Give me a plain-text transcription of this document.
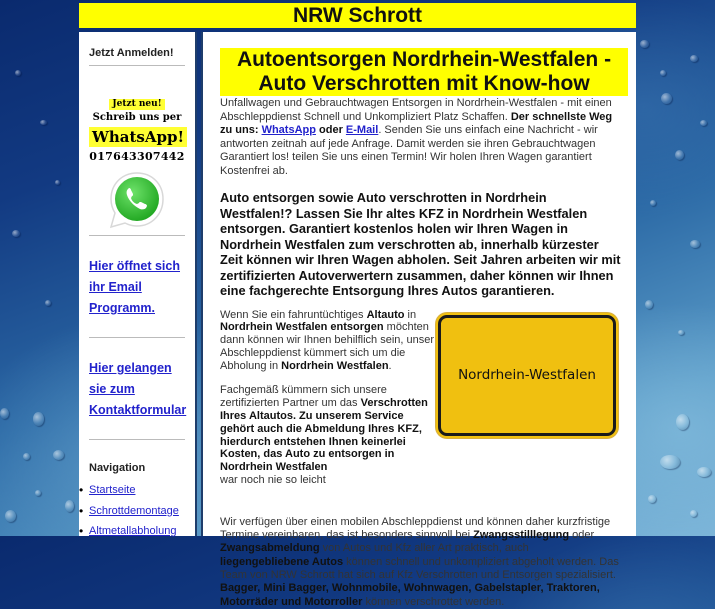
NRW Schrott
Jetzt Anmelden!
Jetzt neu!
Schreib uns per
WhatsApp!
017643307442
Hier öffnet sich ihr Email Programm.
Hier gelangen sie zum Kontaktformular
Navigation
• Startseite
• Schrottdemontage
• Altmetallabholung
Autoentsorgen Nordrhein-Westfalen - Auto Verschrotten mit Know-how

Unfallwagen und Gebrauchtwagen Entsorgen in Nordrhein-Westfalen - mit einen Abschleppdienst Schnell und Unkompliziert Platz Schaffen. Der schnellste Weg zu uns: WhatsApp oder E-Mail. Senden Sie uns einfach eine Nachricht - wir antworten zeitnah auf jede Anfrage. Damit werden sie ihren Gebrauchtwagen Garantiert los! teilen Sie uns einen Termin! Wir holen Ihren Wagen garantiert Kostenfrei ab.

Auto entsorgen sowie Auto verschrotten in Nordrhein Westfalen!? Lassen Sie Ihr altes KFZ in Nordrhein Westfalen entsorgen. Garantiert kostenlos holen wir Ihren Wagen in Nordrhein Westfalen zum verschrotten ab, innerhalb kürzester Zeit können wir Ihren Wagen abholen. Seit Jahren arbeiten wir mit zertifizierten Autoverwertern zusammen, daher können wir Ihnen eine fachgerechte Entsorgung Ihres Autos garantieren.

Wenn Sie ein fahruntüchtiges Altauto in Nordrhein Westfalen entsorgen möchten dann können wir Ihnen behilflich sein, unser Abschleppdienst kümmert sich um die Abholung in Nordrhein Westfalen.

Fachgemäß kümmern sich unsere zertifizierten Partner um das Verschrotten Ihres Altautos. Zu unserem Service gehört auch die Abmeldung Ihres KFZ, hierdurch entstehen Ihnen keinerlei Kosten, das Auto zu entsorgen in Nordrhein Westfalen

Nordrhein-Westfalen
war noch nie so leicht

Wir verfügen über einen mobilen Abschleppdienst und können daher kurzfristige Termine vereinbaren, das ist besonders sinnvoll bei Zwangsstilllegung oder Zwangsabmeldung von Autos und Kfz aller Art praktisch, auch liegengebliebene Autos können schnell und unkompliziert abgeholt werden. Das Team von NRW Schrott hat sich auf Kfz Verschrotten und Entsorgen spezialisiert. Bagger, Mini Bagger, Wohnmobile, Wohnwagen, Gabelstapler, Traktoren, Motorräder und Motorroller können verschrottet werden.
